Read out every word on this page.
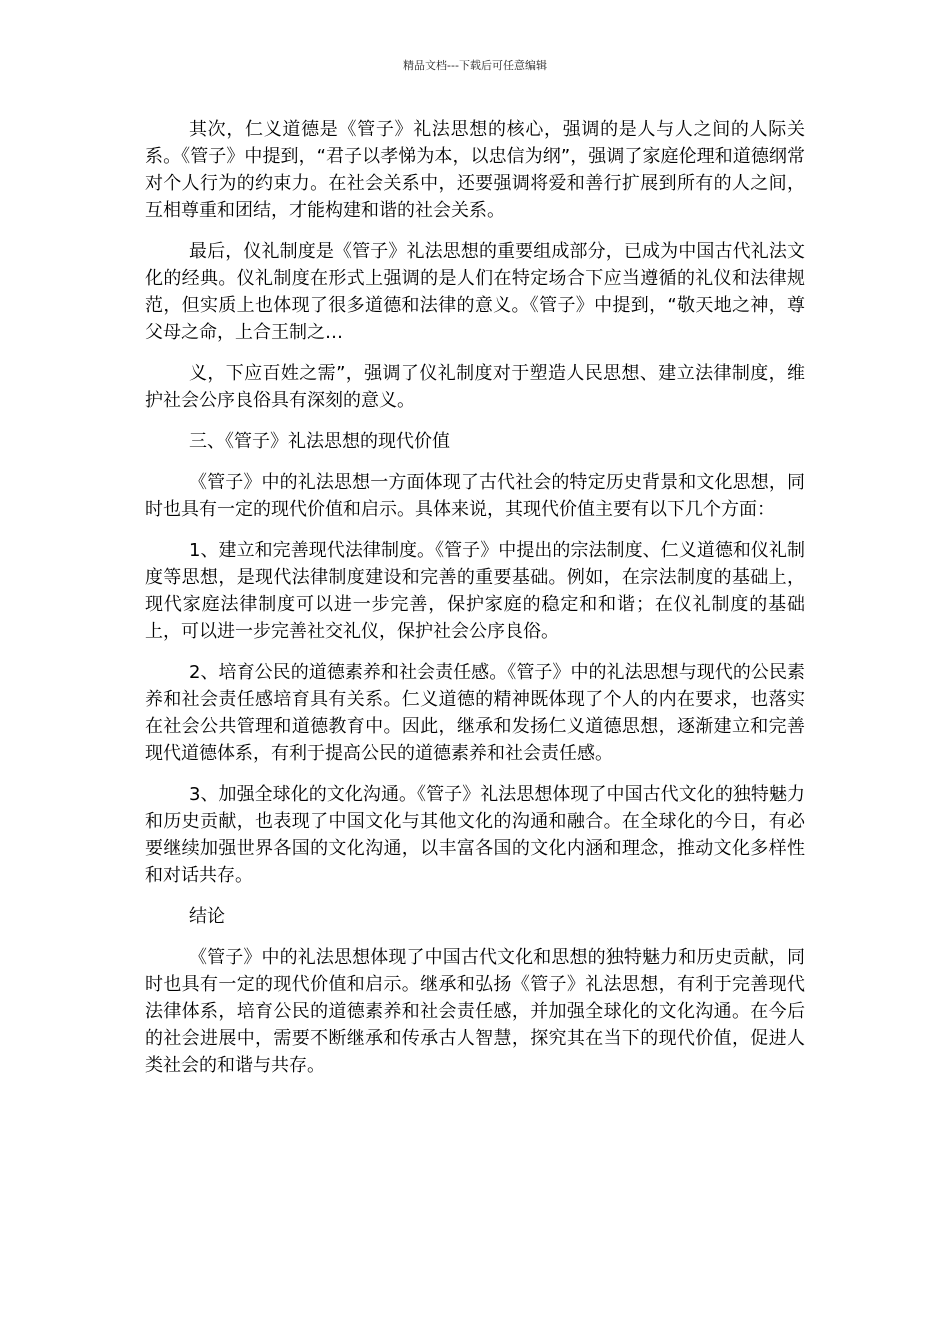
精品文档---下载后可任意编辑

其次，仁义道德是《管子》礼法思想的核心，强调的是人与人之间的人际关系。《管子》中提到，“君子以孝悌为本，以忠信为纲”，强调了家庭伦理和道德纲常对个人行为的约束力。在社会关系中，还要强调将爱和善行扩展到所有的人之间，互相尊重和团结，才能构建和谐的社会关系。

最后，仪礼制度是《管子》礼法思想的重要组成部分，已成为中国古代礼法文化的经典。仪礼制度在形式上强调的是人们在特定场合下应当遵循的礼仪和法律规范，但实质上也体现了很多道德和法律的意义。《管子》中提到，“敬天地之神，尊父母之命，上合王制之…

义，下应百姓之需”，强调了仪礼制度对于塑造人民思想、建立法律制度，维护社会公序良俗具有深刻的意义。

三、《管子》礼法思想的现代价值

《管子》中的礼法思想一方面体现了古代社会的特定历史背景和文化思想，同时也具有一定的现代价值和启示。具体来说，其现代价值主要有以下几个方面：

1、建立和完善现代法律制度。《管子》中提出的宗法制度、仁义道德和仪礼制度等思想，是现代法律制度建设和完善的重要基础。例如，在宗法制度的基础上，现代家庭法律制度可以进一步完善，保护家庭的稳定和和谐；在仪礼制度的基础上，可以进一步完善社交礼仪，保护社会公序良俗。

2、培育公民的道德素养和社会责任感。《管子》中的礼法思想与现代的公民素养和社会责任感培育具有关系。仁义道德的精神既体现了个人的内在要求，也落实在社会公共管理和道德教育中。因此，继承和发扬仁义道德思想，逐渐建立和完善现代道德体系，有利于提高公民的道德素养和社会责任感。

3、加强全球化的文化沟通。《管子》礼法思想体现了中国古代文化的独特魅力和历史贡献，也表现了中国文化与其他文化的沟通和融合。在全球化的今日，有必要继续加强世界各国的文化沟通，以丰富各国的文化内涵和理念，推动文化多样性和对话共存。

结论

《管子》中的礼法思想体现了中国古代文化和思想的独特魅力和历史贡献，同时也具有一定的现代价值和启示。继承和弘扬《管子》礼法思想，有利于完善现代法律体系，培育公民的道德素养和社会责任感，并加强全球化的文化沟通。在今后的社会进展中，需要不断继承和传承古人智慧，探究其在当下的现代价值，促进人类社会的和谐与共存。
